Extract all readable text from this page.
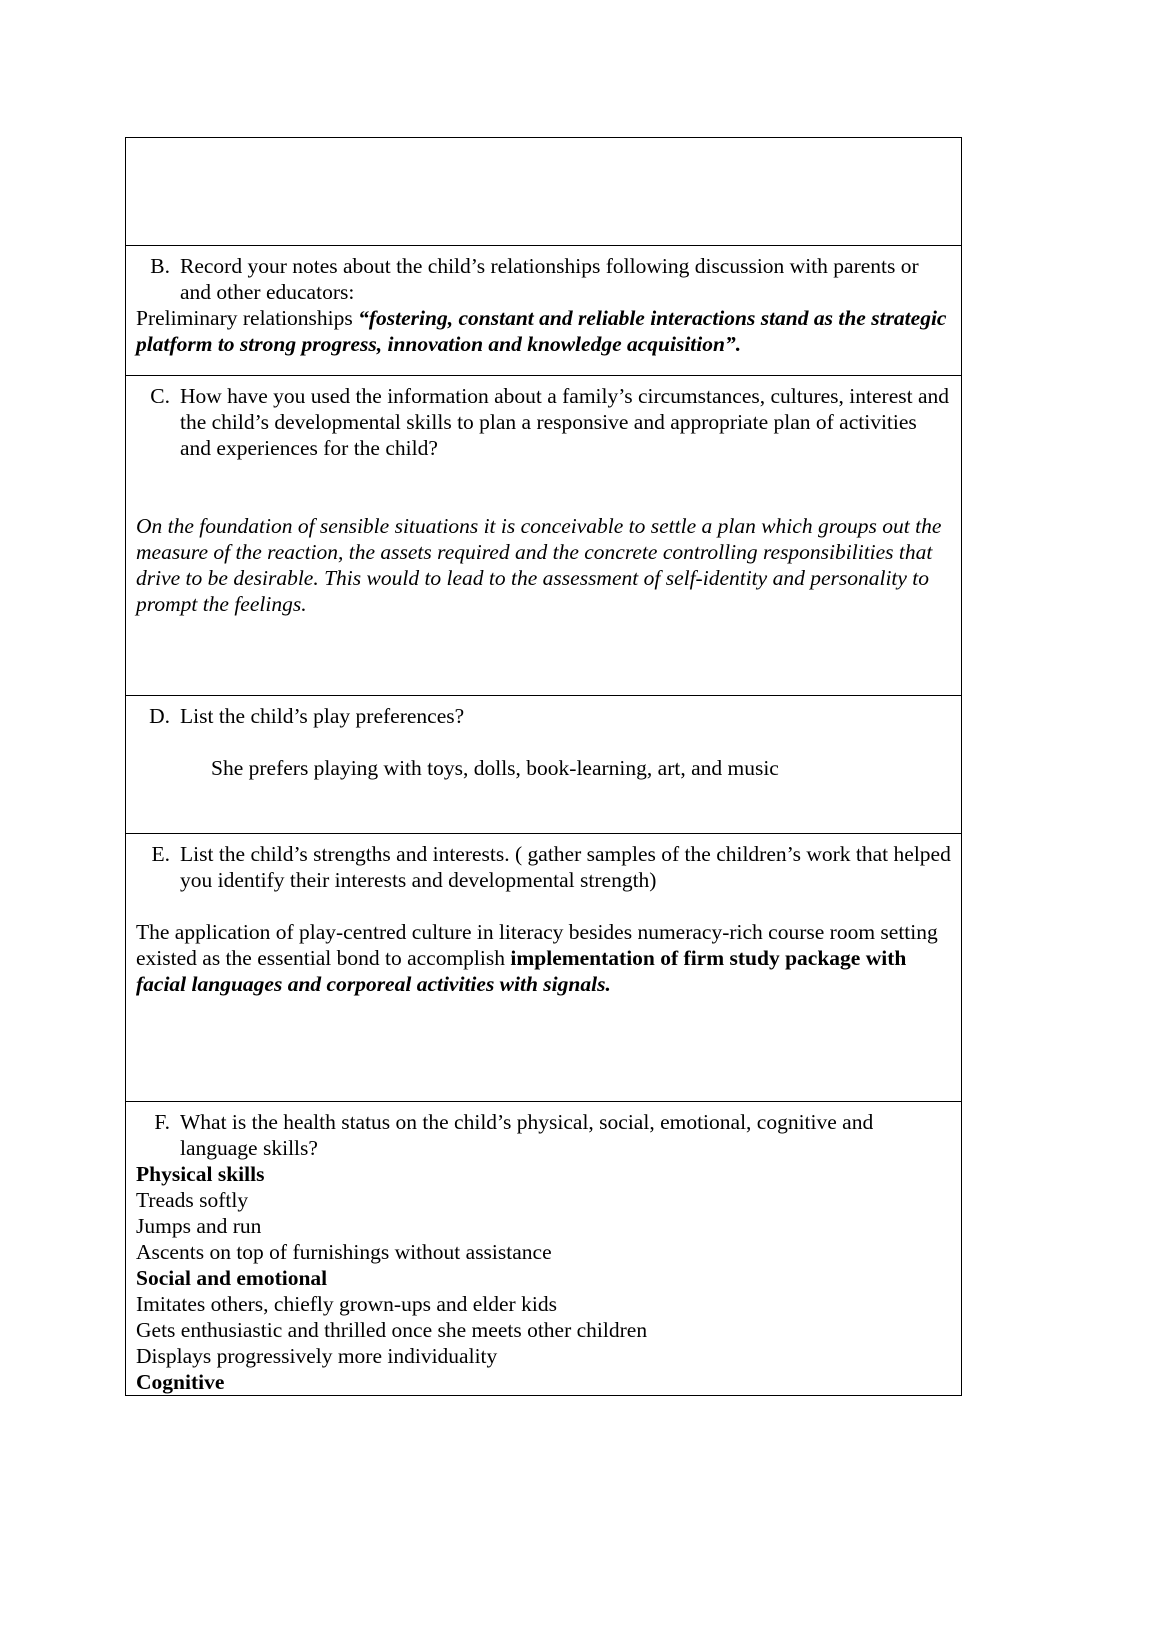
B. Record your notes about the child’s relationships following discussion with parents or and other educators:

Preliminary relationships “fostering, constant and reliable interactions stand as the strategic platform to strong progress, innovation and knowledge acquisition”.

C. How have you used the information about a family’s circumstances, cultures, interest and the child’s developmental skills to plan a responsive and appropriate plan of activities and experiences for the child?

On the foundation of sensible situations it is conceivable to settle a plan which groups out the measure of the reaction, the assets required and the concrete controlling responsibilities that drive to be desirable. This would to lead to the assessment of self-identity and personality to prompt the feelings.

D. List the child’s play preferences?

She prefers playing with toys, dolls, book-learning, art, and music

E. List the child’s strengths and interests. ( gather samples of the children’s work that helped you identify their interests and developmental strength)

The application of play-centred culture in literacy besides numeracy-rich course room setting existed as the essential bond to accomplish implementation of firm study package with facial languages and corporeal activities with signals.

F. What is the health status on the child’s physical, social, emotional, cognitive and language skills?

Physical skills

Treads softly

Jumps and run

Ascents on top of furnishings without assistance

Social and emotional

Imitates others, chiefly grown-ups and elder kids

Gets enthusiastic and thrilled once she meets other children

Displays progressively more individuality

Cognitive
